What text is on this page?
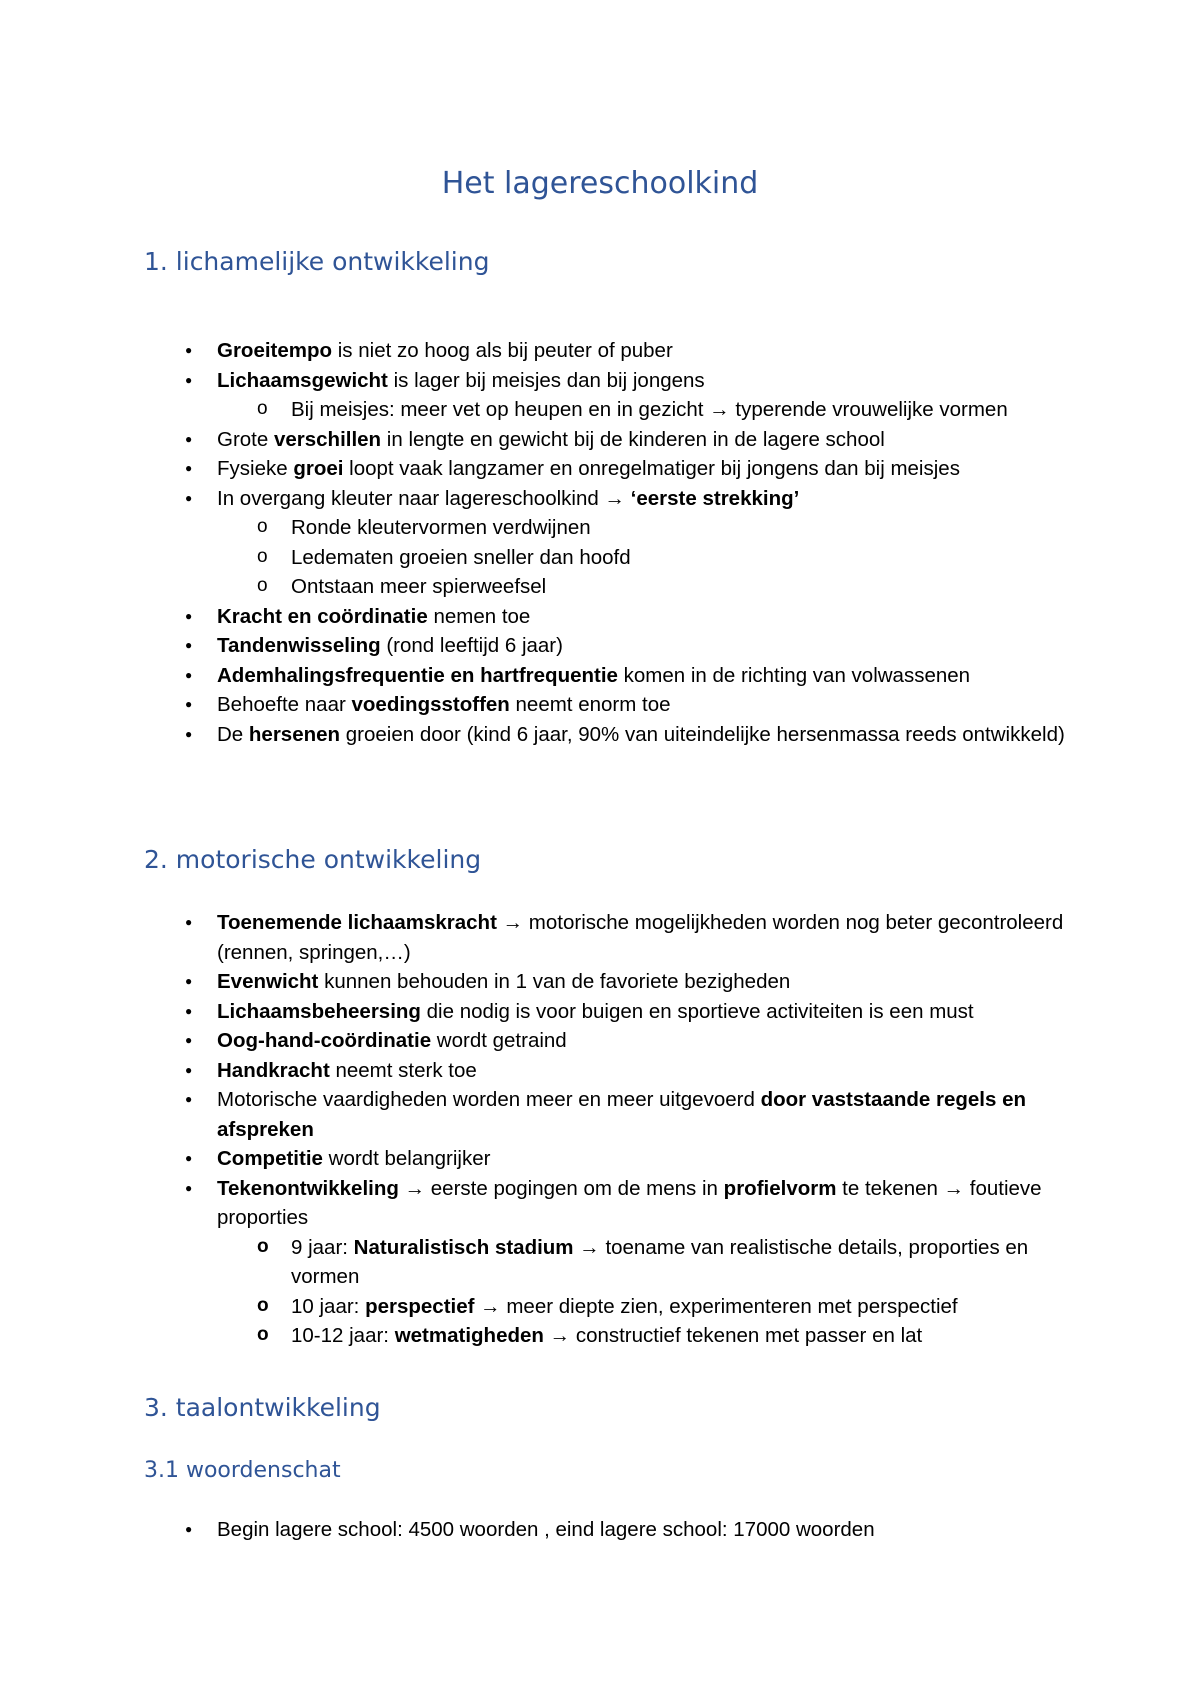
Het lagereschoolkind
1. lichamelijke ontwikkeling
● Groeitempo is niet zo hoog als bij peuter of puber
● Lichaamsgewicht is lager bij meisjes dan bij jongens
o Bij meisjes: meer vet op heupen en in gezicht → typerende vrouwelijke vormen
● Grote verschillen in lengte en gewicht bij de kinderen in de lagere school
● Fysieke groei loopt vaak langzamer en onregelmatiger bij jongens dan bij meisjes
● In overgang kleuter naar lagereschoolkind → ‘eerste strekking’
o Ronde kleutervormen verdwijnen
o Ledematen groeien sneller dan hoofd
o Ontstaan meer spierweefsel
● Kracht en coördinatie nemen toe
● Tandenwisseling (rond leeftijd 6 jaar)
● Ademhalingsfrequentie en hartfrequentie komen in de richting van volwassenen
● Behoefte naar voedingsstoffen neemt enorm toe
● De hersenen groeien door (kind 6 jaar, 90% van uiteindelijke hersenmassa reeds ontwikkeld)
2. motorische ontwikkeling
● Toenemende lichaamskracht → motorische mogelijkheden worden nog beter gecontroleerd (rennen, springen,…)
● Evenwicht kunnen behouden in 1 van de favoriete bezigheden
● Lichaamsbeheersing die nodig is voor buigen en sportieve activiteiten is een must
● Oog-hand-coördinatie wordt getraind
● Handkracht neemt sterk toe
● Motorische vaardigheden worden meer en meer uitgevoerd door vaststaande regels en afspreken
● Competitie wordt belangrijker
● Tekenontwikkeling → eerste pogingen om de mens in profielvorm te tekenen → foutieve proporties
o 9 jaar: Naturalistisch stadium → toename van realistische details, proporties en vormen
o 10 jaar: perspectief → meer diepte zien, experimenteren met perspectief
o 10-12 jaar: wetmatigheden → constructief tekenen met passer en lat
3. taalontwikkeling
3.1 woordenschat
● Begin lagere school: 4500 woorden , eind lagere school: 17000 woorden
